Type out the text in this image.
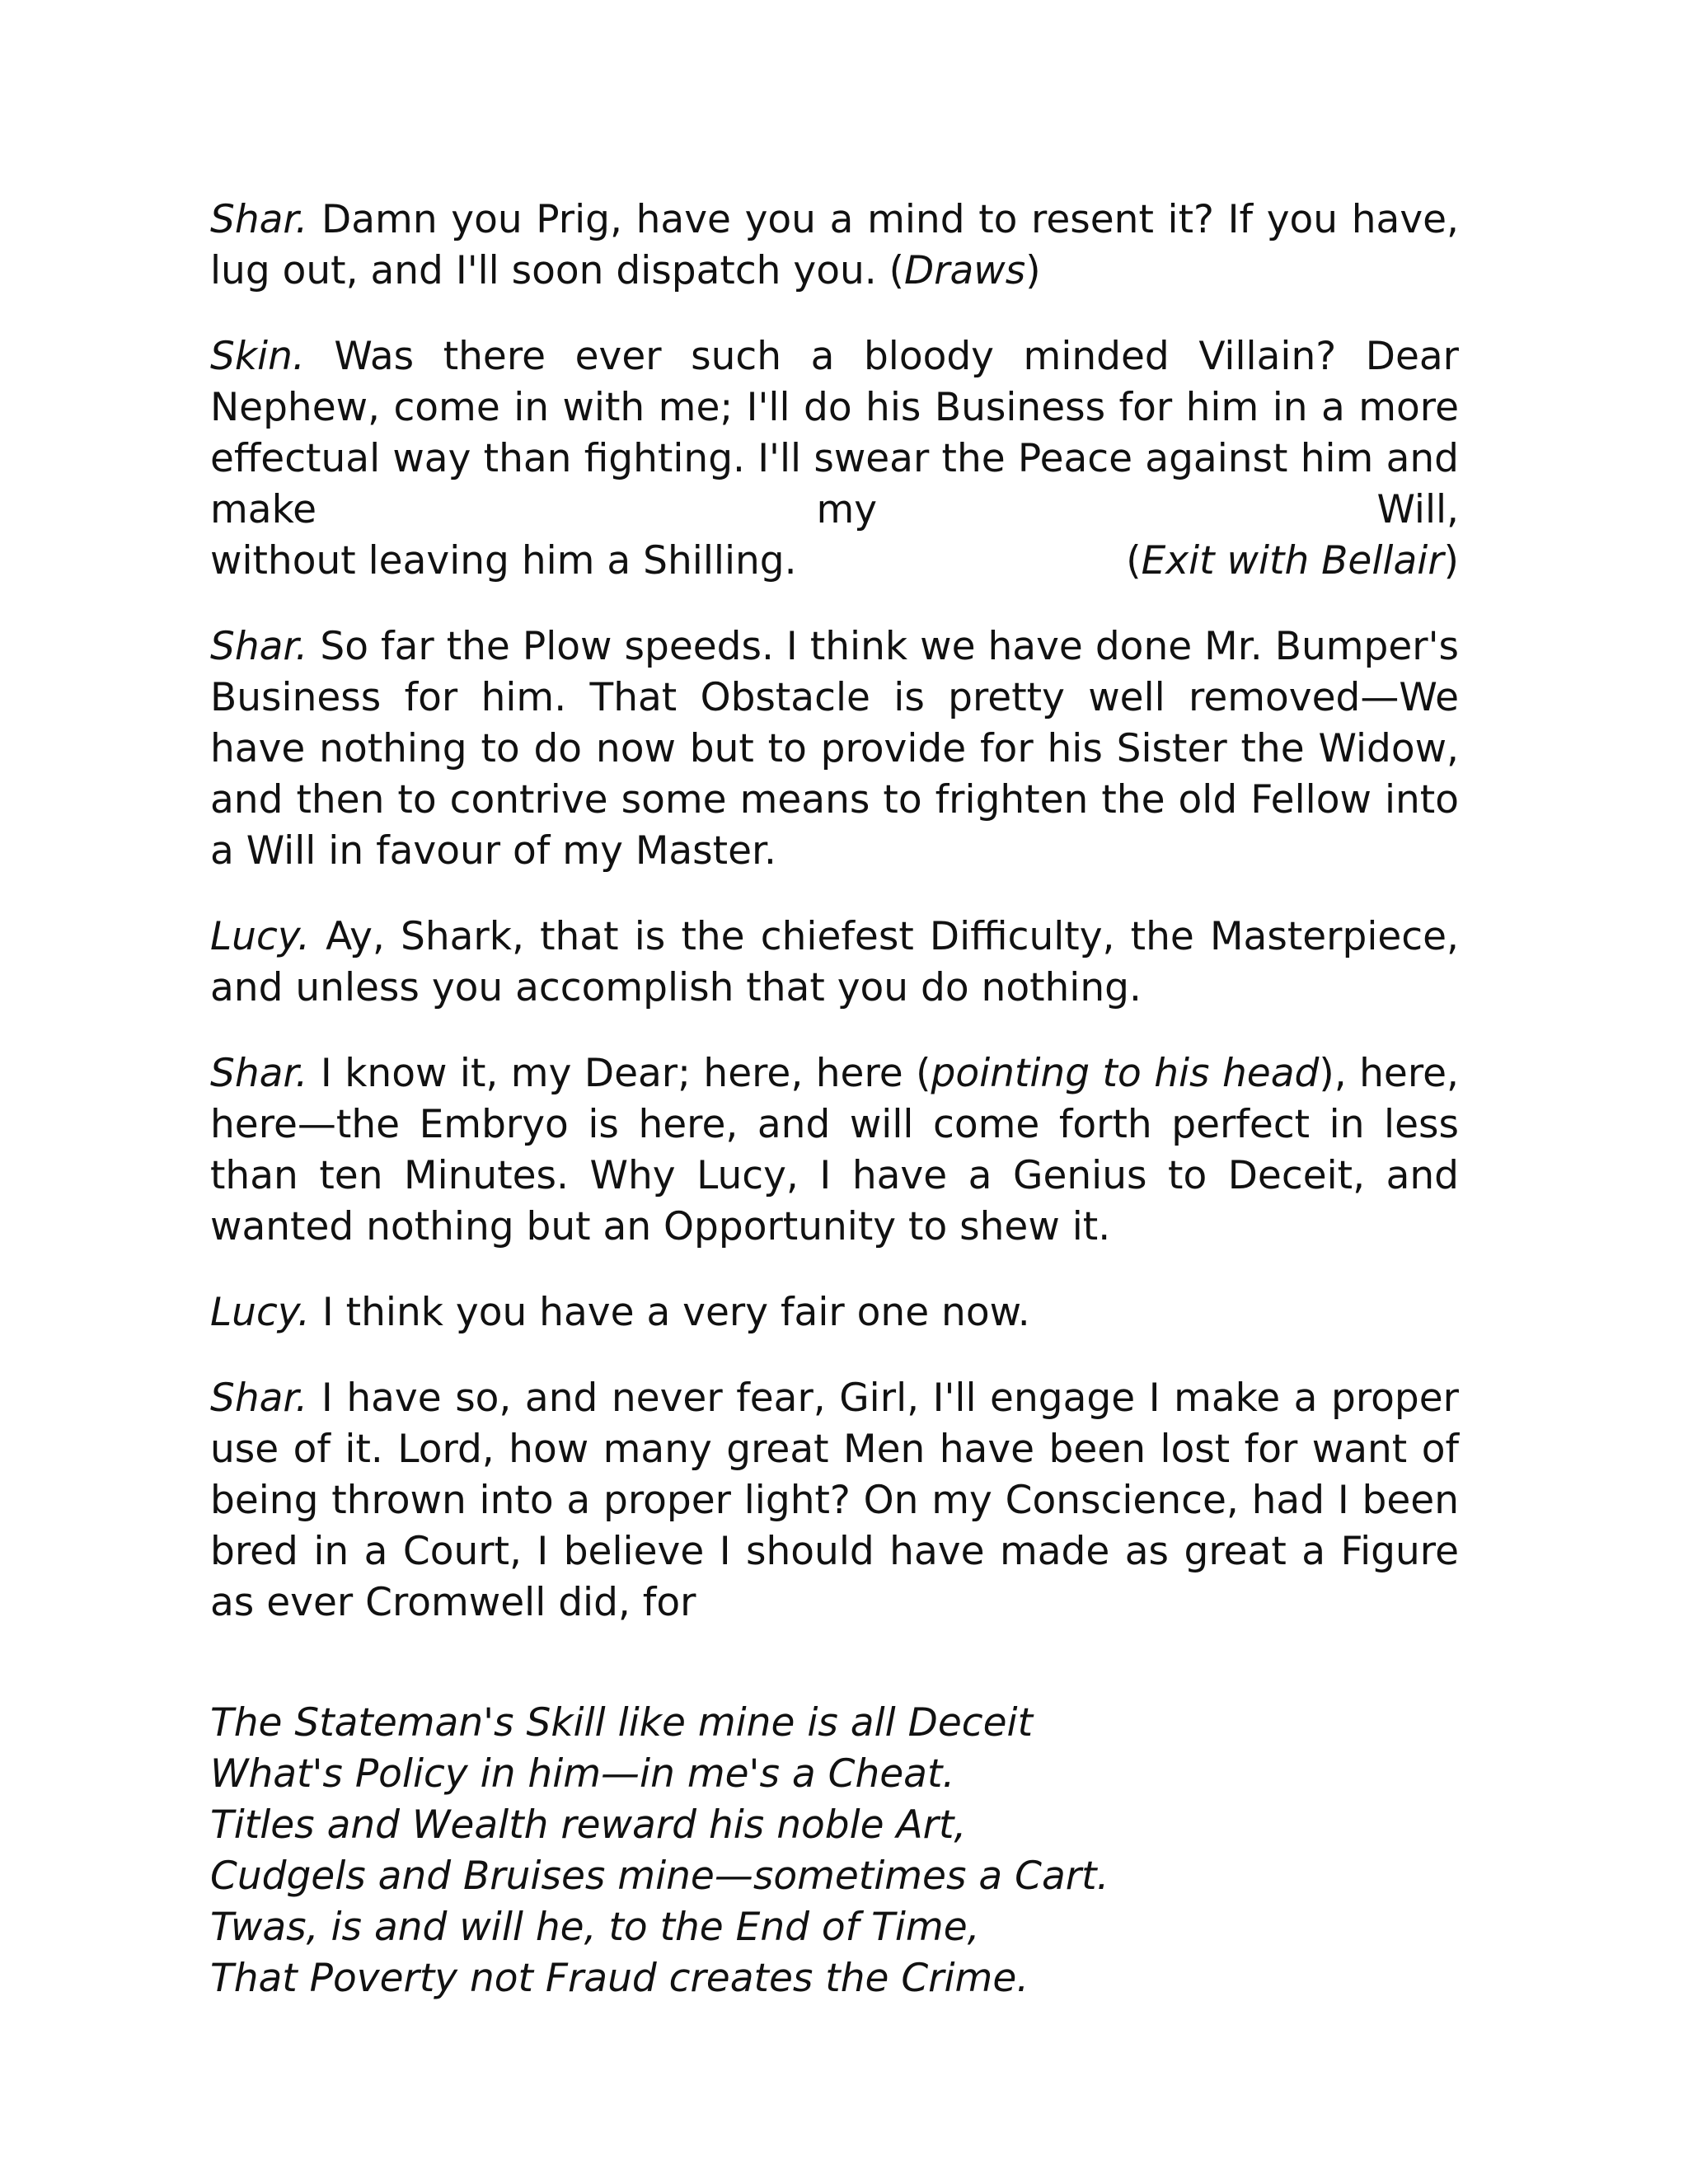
Shar. Damn you Prig, have you a mind to resent it? If you have, lug out, and I'll soon dispatch you. (Draws)

Skin. Was there ever such a bloody minded Villain? Dear Nephew, come in with me; I'll do his Business for him in a more effectual way than fighting. I'll swear the Peace against him and make my Will,
without leaving him a Shilling.	(Exit with Bellair)

Shar. So far the Plow speeds. I think we have done Mr. Bumper's Business for him. That Obstacle is pretty well removed—We have nothing to do now but to provide for his Sister the Widow, and then to contrive some means to frighten the old Fellow into a Will in favour of my Master.

Lucy. Ay, Shark, that is the chiefest Difficulty, the Masterpiece, and unless you accomplish that you do nothing.

Shar. I know it, my Dear; here, here (pointing to his head), here, here—the Embryo is here, and will come forth perfect in less than ten Minutes. Why Lucy, I have a Genius to Deceit, and wanted nothing but an Opportunity to shew it.

Lucy. I think you have a very fair one now.

Shar. I have so, and never fear, Girl, I'll engage I make a proper use of it. Lord, how many great Men have been lost for want of being thrown into a proper light? On my Conscience, had I been bred in a Court, I believe I should have made as great a Figure as ever Cromwell did, for

The Stateman's Skill like mine is all Deceit
What's Policy in him—in me's a Cheat.
Titles and Wealth reward his noble Art,
Cudgels and Bruises mine—sometimes a Cart.
Twas, is and will he, to the End of Time,
That Poverty not Fraud creates the Crime.
